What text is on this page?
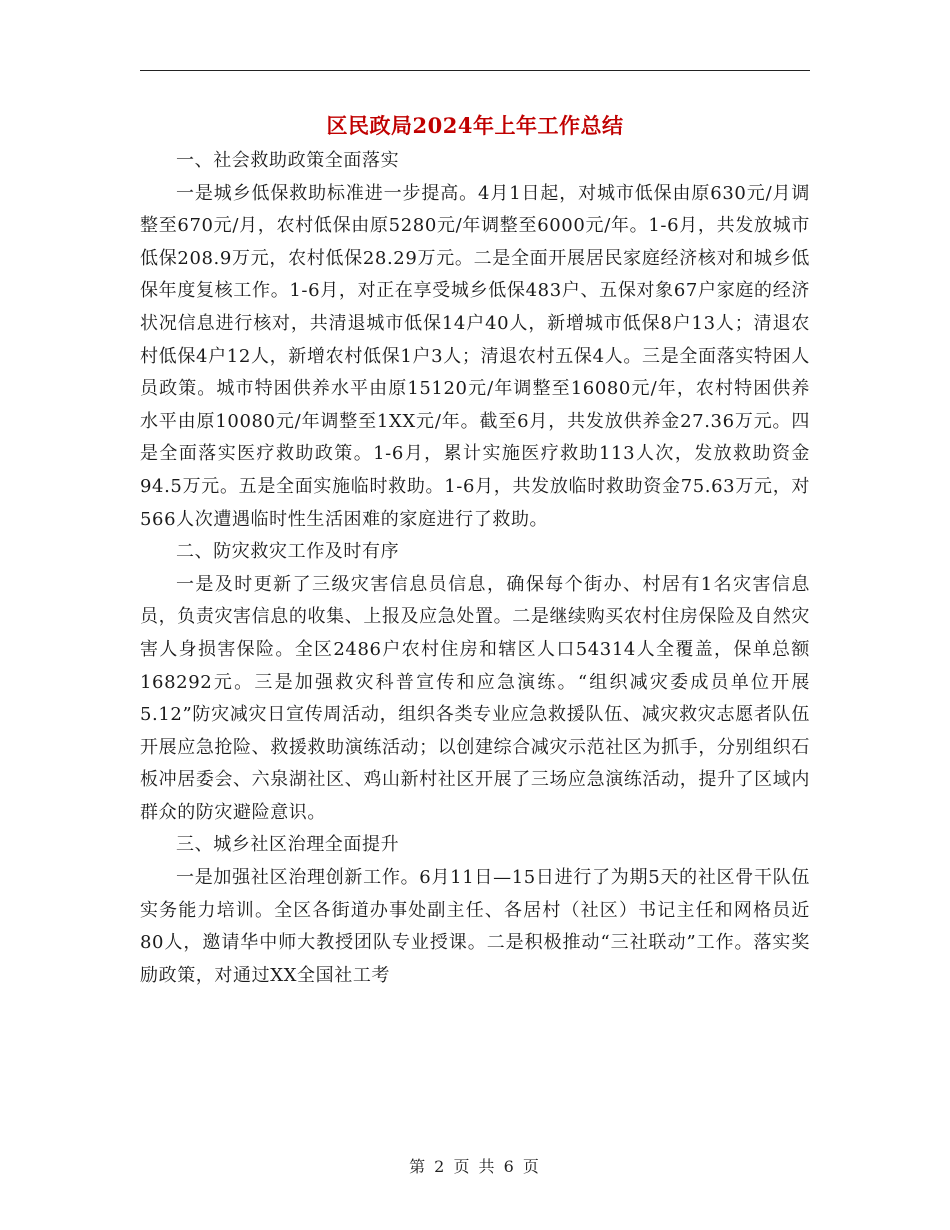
区民政局2024年上年工作总结

一、社会救助政策全面落实

一是城乡低保救助标准进一步提高。4月1日起，对城市低保由原630元/月调整至670元/月，农村低保由原5280元/年调整至6000元/年。1-6月，共发放城市低保208.9万元，农村低保28.29万元。二是全面开展居民家庭经济核对和城乡低保年度复核工作。1-6月，对正在享受城乡低保483户、五保对象67户家庭的经济状况信息进行核对，共清退城市低保14户40人，新增城市低保8户13人；清退农村低保4户12人，新增农村低保1户3人；清退农村五保4人。三是全面落实特困人员政策。城市特困供养水平由原15120元/年调整至16080元/年，农村特困供养水平由原10080元/年调整至1XX元/年。截至6月，共发放供养金27.36万元。四是全面落实医疗救助政策。1-6月，累计实施医疗救助113人次，发放救助资金94.5万元。五是全面实施临时救助。1-6月，共发放临时救助资金75.63万元，对566人次遭遇临时性生活困难的家庭进行了救助。

二、防灾救灾工作及时有序

一是及时更新了三级灾害信息员信息，确保每个街办、村居有1名灾害信息员，负责灾害信息的收集、上报及应急处置。二是继续购买农村住房保险及自然灾害人身损害保险。全区2486户农村住房和辖区人口54314人全覆盖，保单总额168292元。三是加强救灾科普宣传和应急演练。“组织减灾委成员单位开展5.12”防灾减灾日宣传周活动，组织各类专业应急救援队伍、减灾救灾志愿者队伍开展应急抢险、救援救助演练活动；以创建综合减灾示范社区为抓手，分别组织石板冲居委会、六泉湖社区、鸡山新村社区开展了三场应急演练活动，提升了区域内群众的防灾避险意识。

三、城乡社区治理全面提升

一是加强社区治理创新工作。6月11日—15日进行了为期5天的社区骨干队伍实务能力培训。全区各街道办事处副主任、各居村（社区）书记主任和网格员近80人，邀请华中师大教授团队专业授课。二是积极推动“三社联动”工作。落实奖励政策，对通过XX全国社工考

第 2 页 共 6 页
